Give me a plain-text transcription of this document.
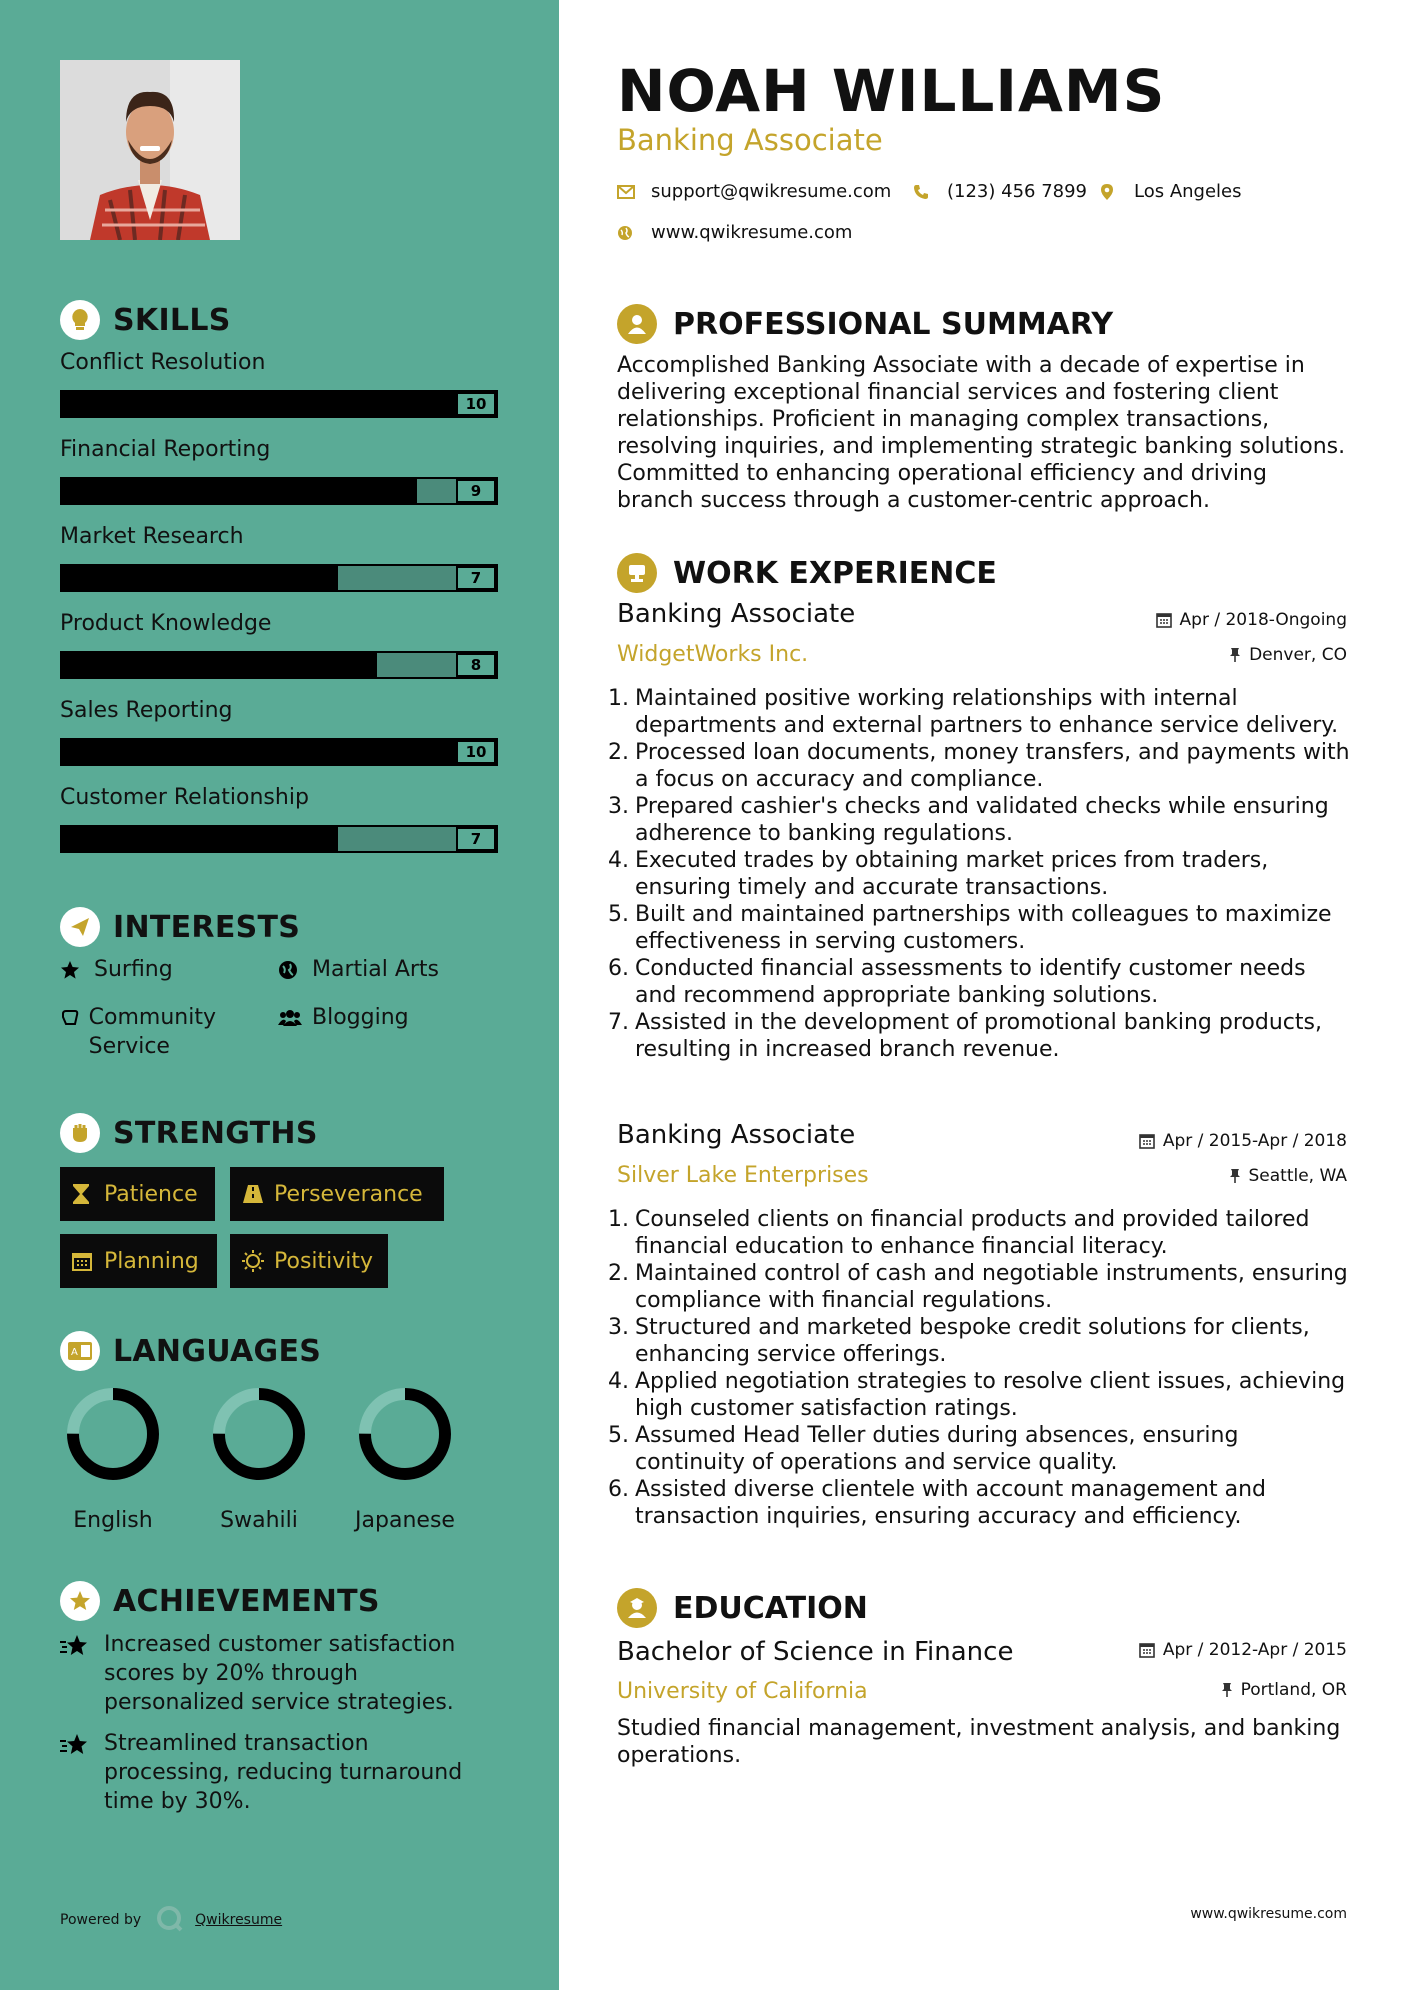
SKILLS
Conflict Resolution
10
Financial Reporting
9
Market Research
7
Product Knowledge
8
Sales Reporting
10
Customer Relationship
7
INTERESTS
Surfing	Martial Arts
Community Service
Blogging
STRENGTHS
Patience	Perseverance
Planning	Positivity
A LANGUAGES
English	Swahili	Japanese
ACHIEVEMENTS
Increased customer satisfaction scores by 20% through personalized service strategies.
Streamlined transaction processing, reducing turnaround time by 30%.
Powered by	Qwikresume
NOAH WILLIAMS
Banking Associate
support@qwikresume.com	(123) 456 7899	Los Angeles
www.qwikresume.com
PROFESSIONAL SUMMARY
Accomplished Banking Associate with a decade of expertise in delivering exceptional financial services and fostering client relationships. Proficient in managing complex transactions, resolving inquiries, and implementing strategic banking solutions. Committed to enhancing operational efficiency and driving branch success through a customer-centric approach.
WORK EXPERIENCE
Banking Associate	Apr / 2018-Ongoing
WidgetWorks Inc.	Denver, CO
1. Maintained positive working relationships with internal departments and external partners to enhance service delivery.
2. Processed loan documents, money transfers, and payments with a focus on accuracy and compliance.
3. Prepared cashier's checks and validated checks while ensuring adherence to banking regulations.
4. Executed trades by obtaining market prices from traders, ensuring timely and accurate transactions.
5. Built and maintained partnerships with colleagues to maximize effectiveness in serving customers.
6. Conducted financial assessments to identify customer needs and recommend appropriate banking solutions.
7. Assisted in the development of promotional banking products, resulting in increased branch revenue.
Banking Associate	Apr / 2015-Apr / 2018
Silver Lake Enterprises	Seattle, WA
1. Counseled clients on financial products and provided tailored financial education to enhance financial literacy.
2. Maintained control of cash and negotiable instruments, ensuring compliance with financial regulations.
3. Structured and marketed bespoke credit solutions for clients, enhancing service offerings.
4. Applied negotiation strategies to resolve client issues, achieving high customer satisfaction ratings.
5. Assumed Head Teller duties during absences, ensuring continuity of operations and service quality.
6. Assisted diverse clientele with account management and transaction inquiries, ensuring accuracy and efficiency.
EDUCATION
Bachelor of Science in Finance	Apr / 2012-Apr / 2015
University of California	Portland, OR
Studied financial management, investment analysis, and banking operations.
www.qwikresume.com
